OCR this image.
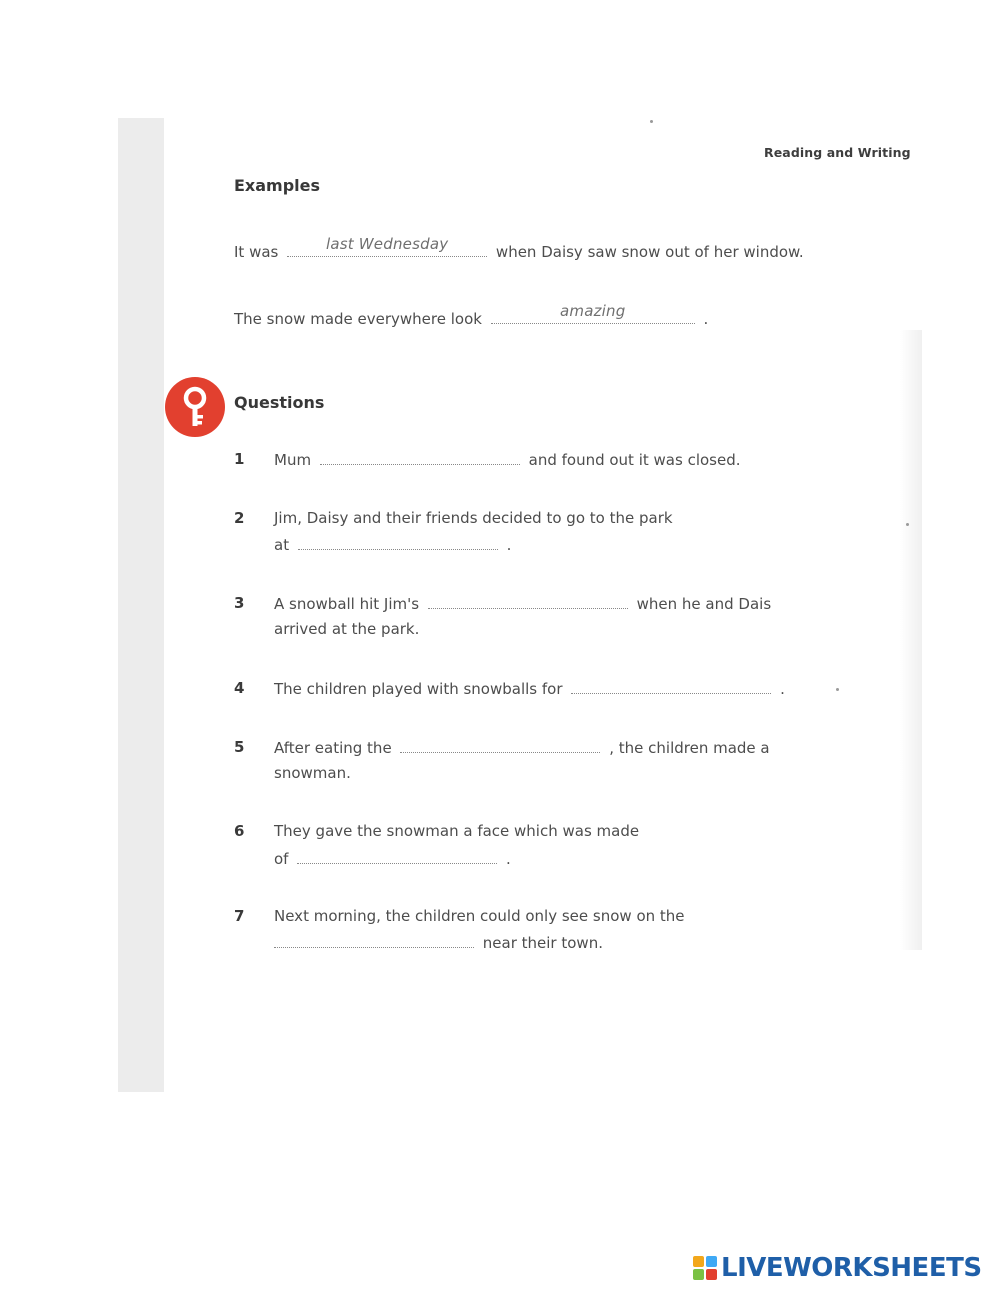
Reading and Writing
Examples
It was	last Wednesday	when Daisy saw snow out of her window.
The snow made everywhere look	amazing	.
Questions
1 Mum	and found out it was closed.
2 Jim, Daisy and their friends decided to go to the park
at	.
3 A snowball hit Jim's	when he and Dais
arrived at the park.
4 The children played with snowballs for	.
5 After eating the	, the children made a
snowman.
6 They gave the snowman a face which was made
of	.
7 Next morning, the children could only see snow on the
near their town.
LIVEWORKSHEETS
